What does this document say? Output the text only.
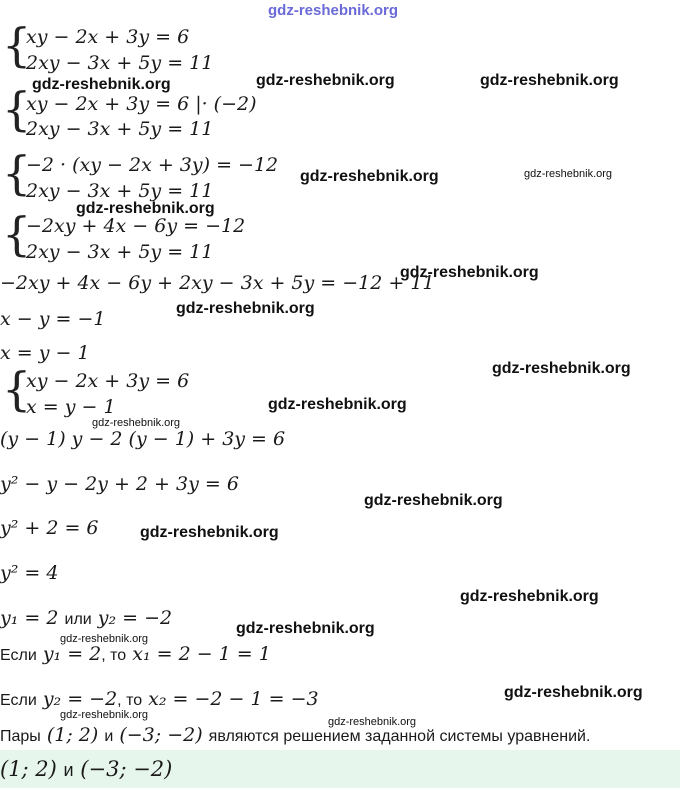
gdz-reshebnik.org
gdz-reshebnik.org	gdz-reshebnik.org	gdz-reshebnik.org
gdz-reshebnik.org	gdz-reshebnik.org
gdz-reshebnik.org
gdz-reshebnik.org
gdz-reshebnik.org
gdz-reshebnik.org
gdz-reshebnik.org
gdz-reshebnik.org
gdz-reshebnik.org
gdz-reshebnik.org
gdz-reshebnik.org
gdz-reshebnik.org
gdz-reshebnik.org
gdz-reshebnik.org
gdz-reshebnik.org
gdz-reshebnik.org
{
xy − 2x + 3y = 6
2xy − 3x + 5y = 11
{
xy − 2x + 3y = 6 |· (−2)
2xy − 3x + 5y = 11
{
−2 · (xy − 2x + 3y) = −12
2xy − 3x + 5y = 11
{
−2xy + 4x − 6y = −12
2xy − 3x + 5y = 11
−2xy + 4x − 6y + 2xy − 3x + 5y = −12 + 11
x − y = −1
x = y − 1
{
xy − 2x + 3y = 6
x = y − 1
(y − 1) y − 2 (y − 1) + 3y = 6
y² − y − 2y + 2 + 3y = 6
y² + 2 = 6
y² = 4
y₁ = 2 или y₂ = −2
Если y₁ = 2, то x₁ = 2 − 1 = 1
Если y₂ = −2, то x₂ = −2 − 1 = −3
Пары (1; 2) и (−3; −2) являются решением заданной системы уравнений.
(1; 2) и (−3; −2)
